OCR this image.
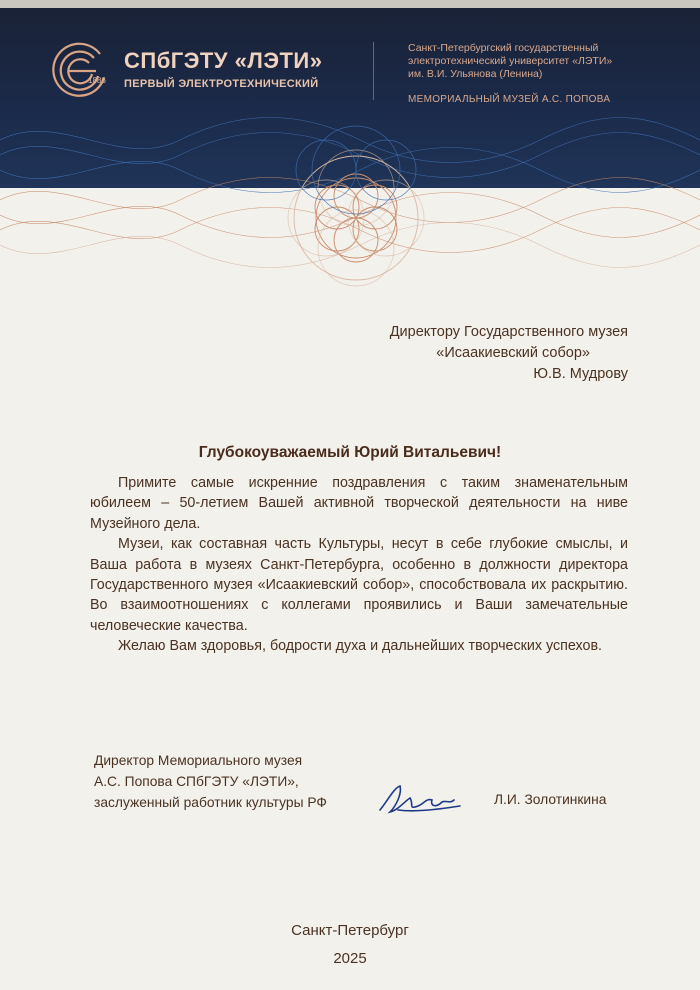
1886
СПбГЭТУ «ЛЭТИ»
ПЕРВЫЙ ЭЛЕКТРОТЕХНИЧЕСКИЙ
Санкт-Петербургский государственный
электротехнический университет «ЛЭТИ»
им. В.И. Ульянова (Ленина)
МЕМОРИАЛЬНЫЙ МУЗЕЙ А.С. ПОПОВА
Директору Государственного музея
«Исаакиевский собор»
Ю.В. Мудрову
Глубокоуважаемый Юрий Витальевич!

Примите самые искренние поздравления с таким знаменательным юбилеем – 50-летием Вашей активной творческой деятельности на ниве Музейного дела.

Музеи, как составная часть Культуры, несут в себе глубокие смыслы, и Ваша работа в музеях Санкт-Петербурга, особенно в должности директора Государственного музея «Исаакиевский собор», способствовала их раскрытию. Во взаимоотношениях с коллегами проявились и Ваши замечательные человеческие качества.

Желаю Вам здоровья, бодрости духа и дальнейших творческих успехов.

Директор Мемориального музея
А.С. Попова СПбГЭТУ «ЛЭТИ»,
заслуженный работник культуры РФ	Л.И. Золотинкина
Санкт-Петербург
2025
